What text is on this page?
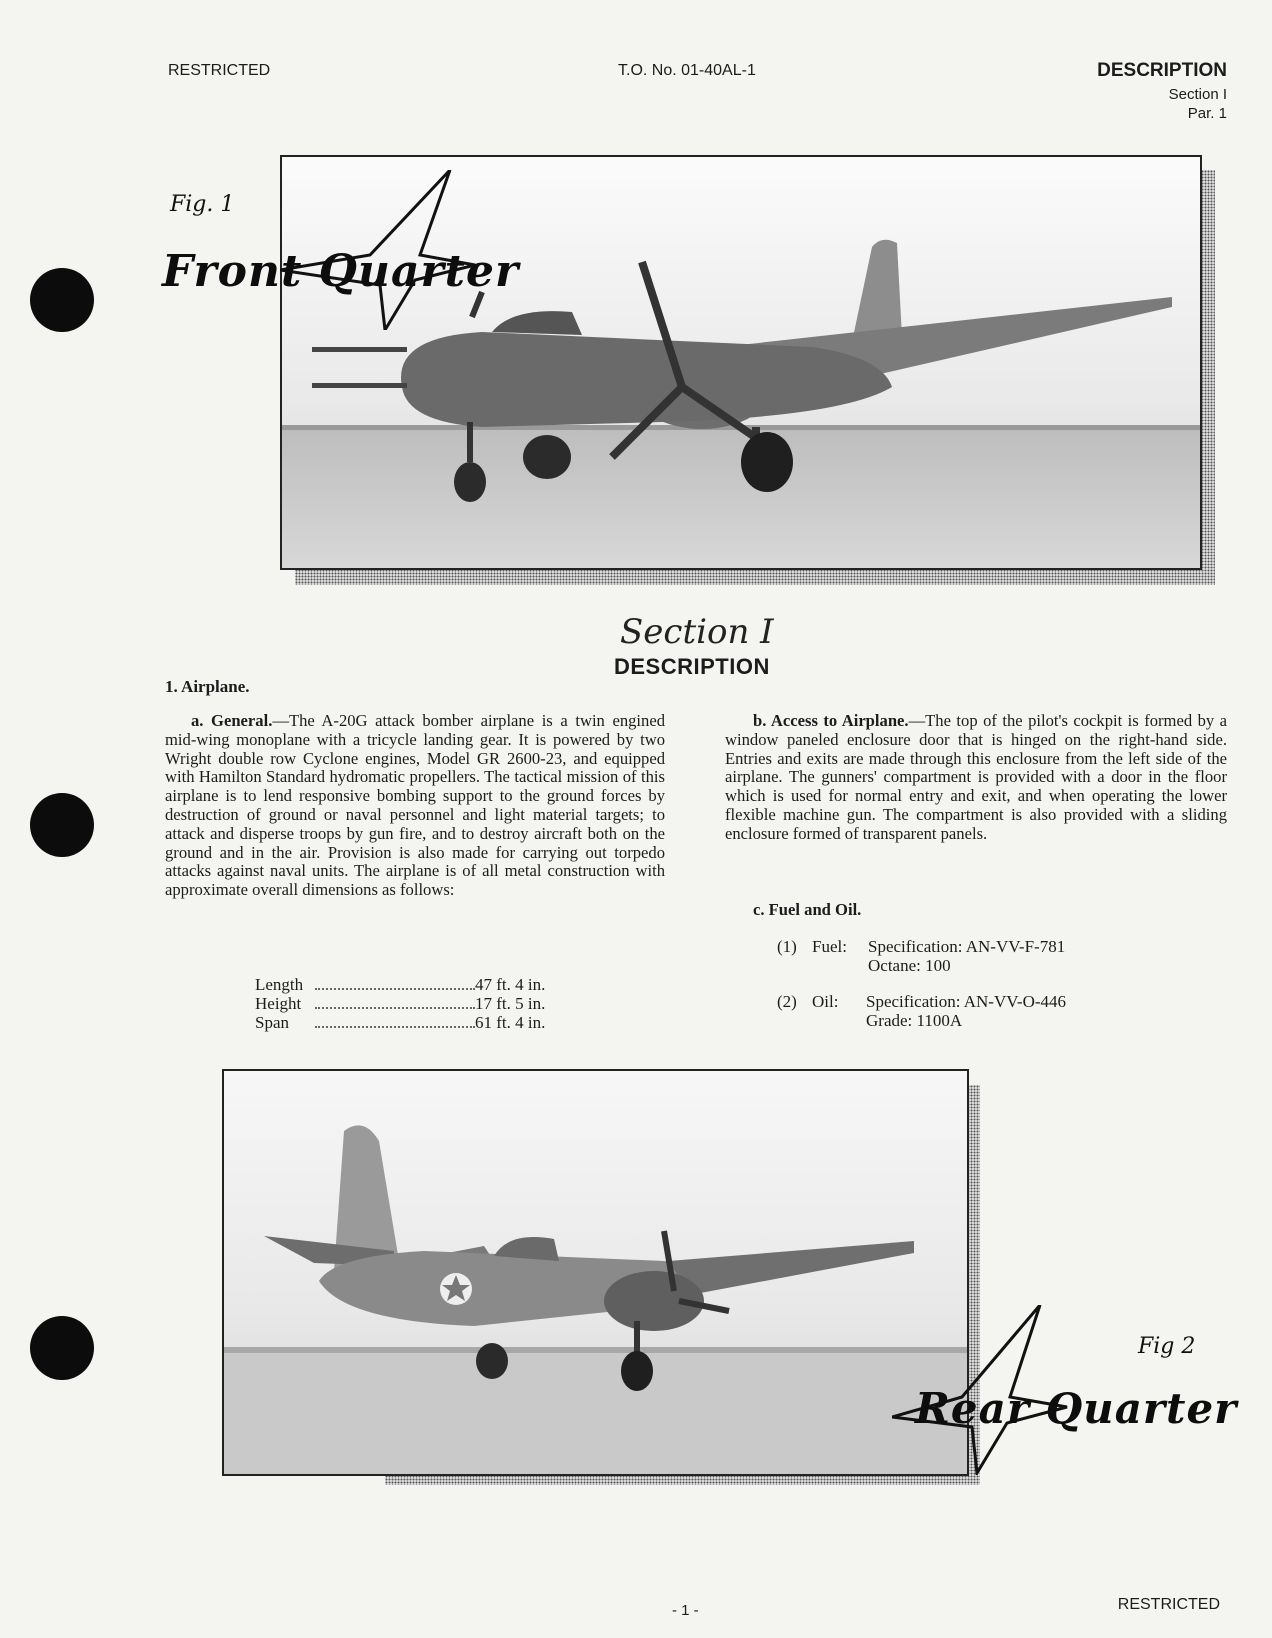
RESTRICTED	T.O. No. 01-40AL-1	DESCRIPTION
Section I
Par. 1
Fig. 1
Front Quarter
Section I
DESCRIPTION
1. Airplane.
a. General.—The A-20G attack bomber airplane is a twin engined mid-wing monoplane with a tricycle landing gear. It is powered by two Wright double row Cyclone engines, Model GR 2600-23, and equipped with Hamilton Standard hydromatic propellers. The tactical mission of this airplane is to lend responsive bombing support to the ground forces by destruction of ground or naval personnel and light material targets; to attack and disperse troops by gun fire, and to destroy aircraft both on the ground and in the air. Provision is also made for carrying out torpedo attacks against naval units. The airplane is of all metal construction with approximate overall dimensions as follows:
Length	47 ft. 4 in.
Height	17 ft. 5 in.
Span	61 ft. 4 in.
b. Access to Airplane.—The top of the pilot's cockpit is formed by a window paneled enclosure door that is hinged on the right-hand side. Entries and exits are made through this enclosure from the left side of the airplane. The gunners' compartment is provided with a door in the floor which is used for normal entry and exit, and when operating the lower flexible machine gun. The compartment is also provided with a sliding enclosure formed of transparent panels.
c. Fuel and Oil.
(1) Fuel: Specification: AN-VV-F-781
Octane: 100
(2) Oil: Specification: AN-VV-O-446
Grade: 1100A
Fig 2
Rear Quarter
- 1 -	RESTRICTED
